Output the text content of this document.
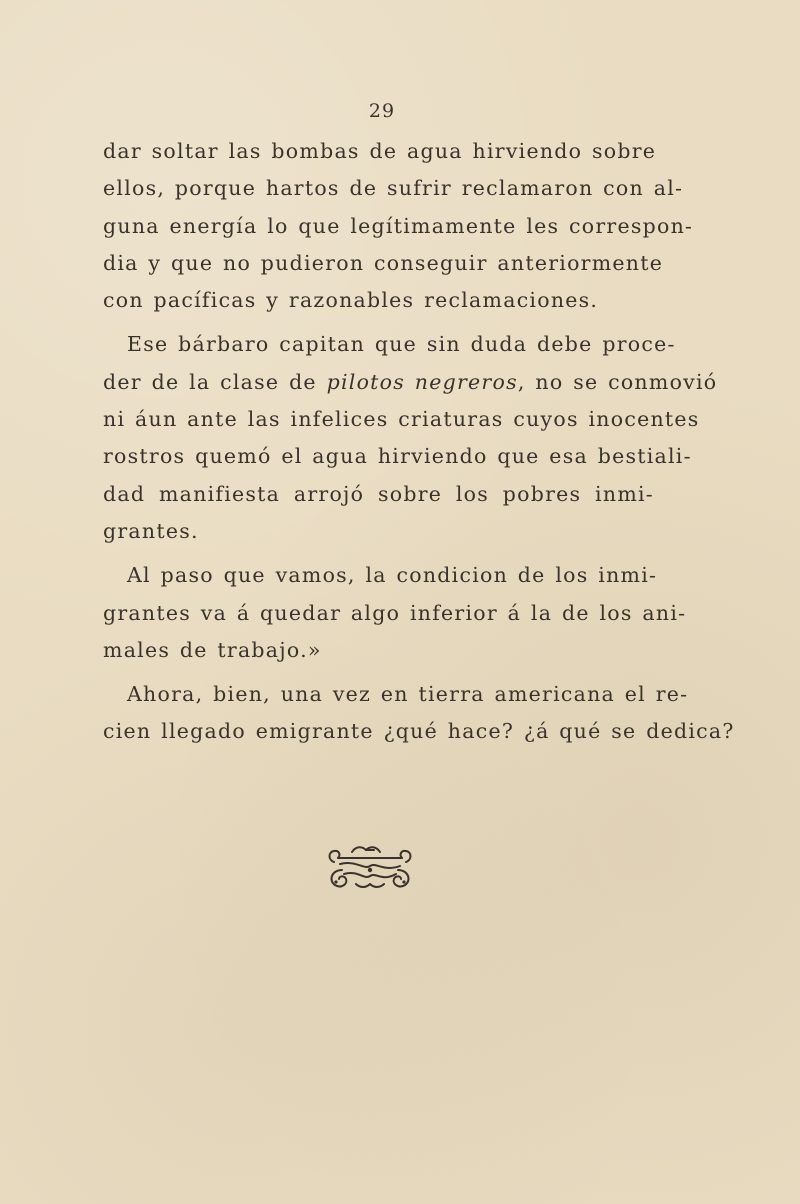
29
dar soltar las bombas de agua hirviendo sobre
ellos, porque hartos de sufrir reclamaron con al-
guna energía lo que legítimamente les correspon-
dia y que no pudieron conseguir anteriormente
con pacíficas y razonables reclamaciones.
Ese bárbaro capitan que sin duda debe proce-
der de la clase de pilotos negreros, no se conmovió
ni áun ante las infelices criaturas cuyos inocentes
rostros quemó el agua hirviendo que esa bestiali-
dad manifiesta arrojó sobre los pobres inmi-
grantes.
Al paso que vamos, la condicion de los inmi-
grantes va á quedar algo inferior á la de los ani-
males de trabajo.»
Ahora, bien, una vez en tierra americana el re-
cien llegado emigrante ¿qué hace? ¿á qué se dedica?
